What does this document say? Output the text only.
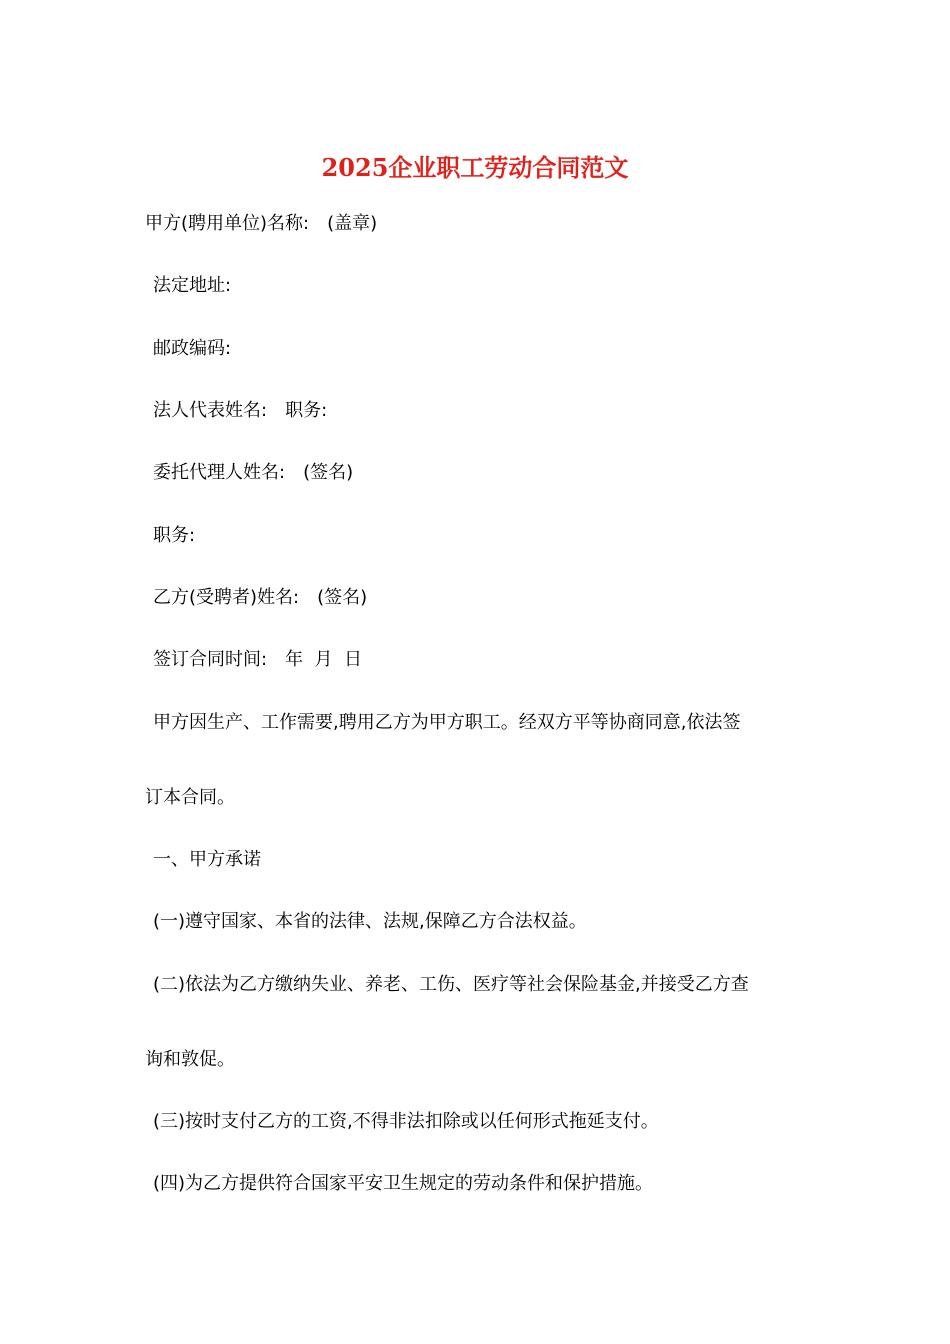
2025企业职工劳动合同范文

甲方(聘用单位)名称:　(盖章)

法定地址:

邮政编码:

法人代表姓名:　职务:

委托代理人姓名:　(签名)

职务:

乙方(受聘者)姓名:　(签名)

签订合同时间:　年  月  日

甲方因生产、工作需要,聘用乙方为甲方职工。经双方平等协商同意,依法签

订本合同。

一、甲方承诺

(一)遵守国家、本省的法律、法规,保障乙方合法权益。

(二)依法为乙方缴纳失业、养老、工伤、医疗等社会保险基金,并接受乙方查

询和敦促。

(三)按时支付乙方的工资,不得非法扣除或以任何形式拖延支付。

(四)为乙方提供符合国家平安卫生规定的劳动条件和保护措施。
